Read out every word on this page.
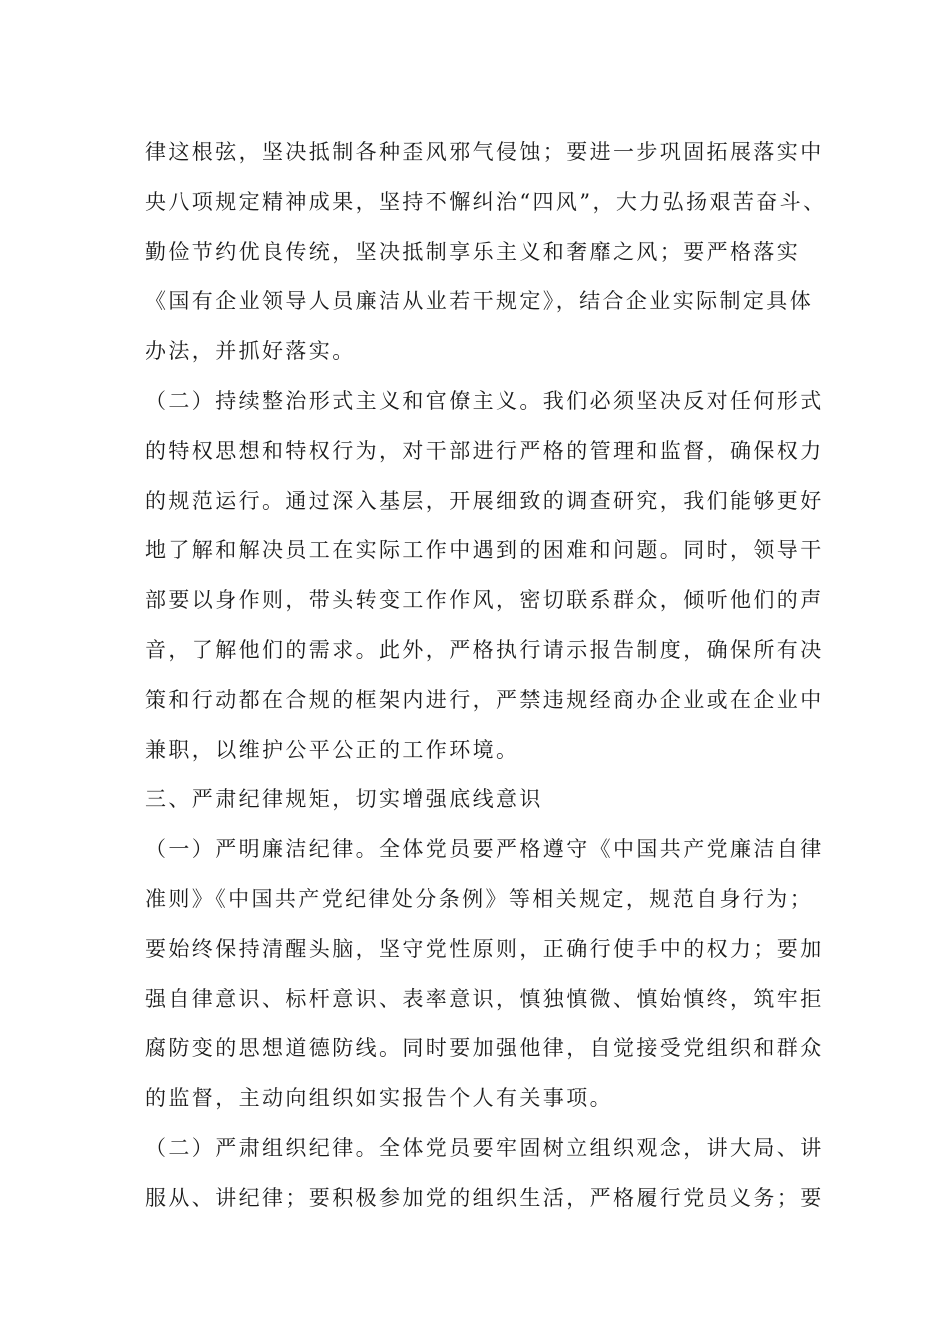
律这根弦，坚决抵制各种歪风邪气侵蚀；要进一步巩固拓展落实中
央八项规定精神成果，坚持不懈纠治“四风”，大力弘扬艰苦奋斗、
勤俭节约优良传统，坚决抵制享乐主义和奢靡之风；要严格落实
《国有企业领导人员廉洁从业若干规定》，结合企业实际制定具体
办法，并抓好落实。
（二）持续整治形式主义和官僚主义。我们必须坚决反对任何形式
的特权思想和特权行为，对干部进行严格的管理和监督，确保权力
的规范运行。通过深入基层，开展细致的调查研究，我们能够更好
地了解和解决员工在实际工作中遇到的困难和问题。同时，领导干
部要以身作则，带头转变工作作风，密切联系群众，倾听他们的声
音，了解他们的需求。此外，严格执行请示报告制度，确保所有决
策和行动都在合规的框架内进行，严禁违规经商办企业或在企业中
兼职，以维护公平公正的工作环境。
三、严肃纪律规矩，切实增强底线意识
（一）严明廉洁纪律。全体党员要严格遵守《中国共产党廉洁自律
准则》《中国共产党纪律处分条例》等相关规定，规范自身行为；
要始终保持清醒头脑，坚守党性原则，正确行使手中的权力；要加
强自律意识、标杆意识、表率意识，慎独慎微、慎始慎终，筑牢拒
腐防变的思想道德防线。同时要加强他律，自觉接受党组织和群众
的监督，主动向组织如实报告个人有关事项。
（二）严肃组织纪律。全体党员要牢固树立组织观念，讲大局、讲
服从、讲纪律；要积极参加党的组织生活，严格履行党员义务；要
